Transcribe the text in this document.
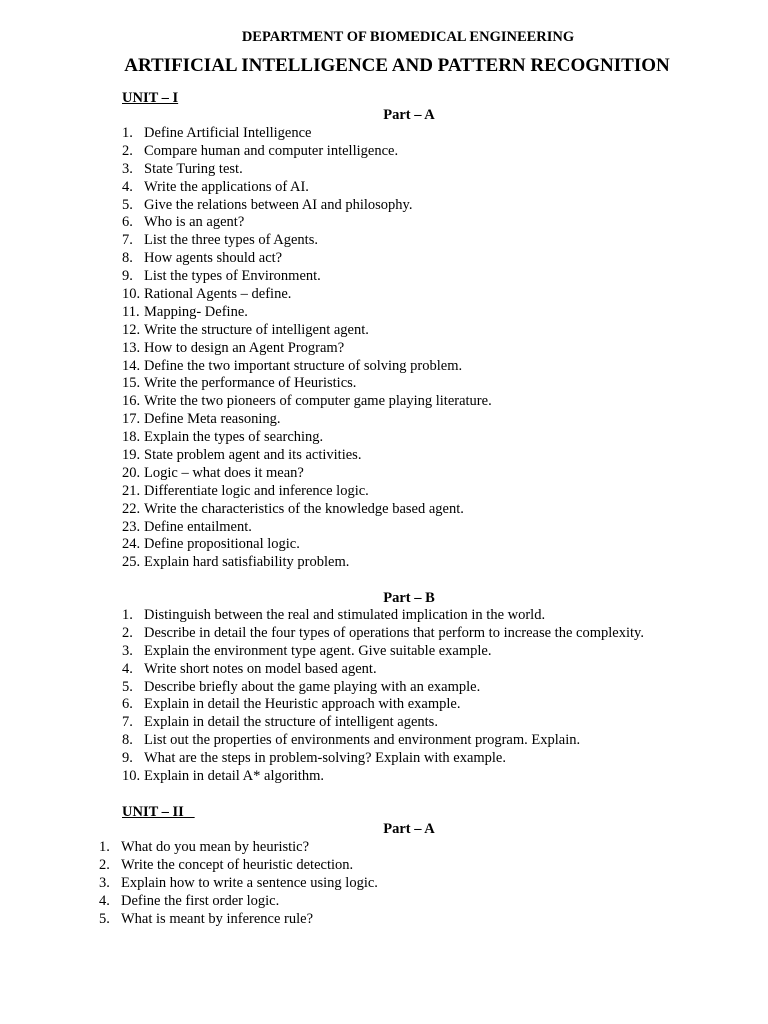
DEPARTMENT OF BIOMEDICAL ENGINEERING
ARTIFICIAL INTELLIGENCE AND PATTERN RECOGNITION
UNIT – I
Part – A
1. Define Artificial Intelligence
2. Compare human and computer intelligence.
3. State Turing test.
4. Write the applications of AI.
5. Give the relations between AI and philosophy.
6. Who is an agent?
7. List the three types of Agents.
8. How agents should act?
9. List the types of Environment.
10. Rational Agents – define.
11. Mapping- Define.
12. Write the structure of intelligent agent.
13. How to design an Agent Program?
14. Define the two important structure of solving problem.
15. Write the performance of Heuristics.
16. Write the two pioneers of computer game playing literature.
17. Define Meta reasoning.
18. Explain the types of searching.
19. State problem agent and its activities.
20. Logic – what does it mean?
21. Differentiate logic and inference logic.
22. Write the characteristics of the knowledge based agent.
23. Define entailment.
24. Define propositional logic.
25. Explain hard satisfiability problem.
Part – B
1. Distinguish between the real and stimulated implication in the world.
2. Describe in detail the four types of operations that perform to increase the complexity.
3. Explain the environment type agent. Give suitable example.
4. Write short notes on model based agent.
5. Describe briefly about the game playing with an example.
6. Explain in detail the Heuristic approach with example.
7. Explain in detail the structure of intelligent agents.
8. List out the properties of environments and environment program. Explain.
9. What are the steps in problem-solving? Explain with example.
10. Explain in detail A* algorithm.
UNIT – II
Part – A
1. What do you mean by heuristic?
2. Write the concept of heuristic detection.
3. Explain how to write a sentence using logic.
4. Define the first order logic.
5. What is meant by inference rule?
